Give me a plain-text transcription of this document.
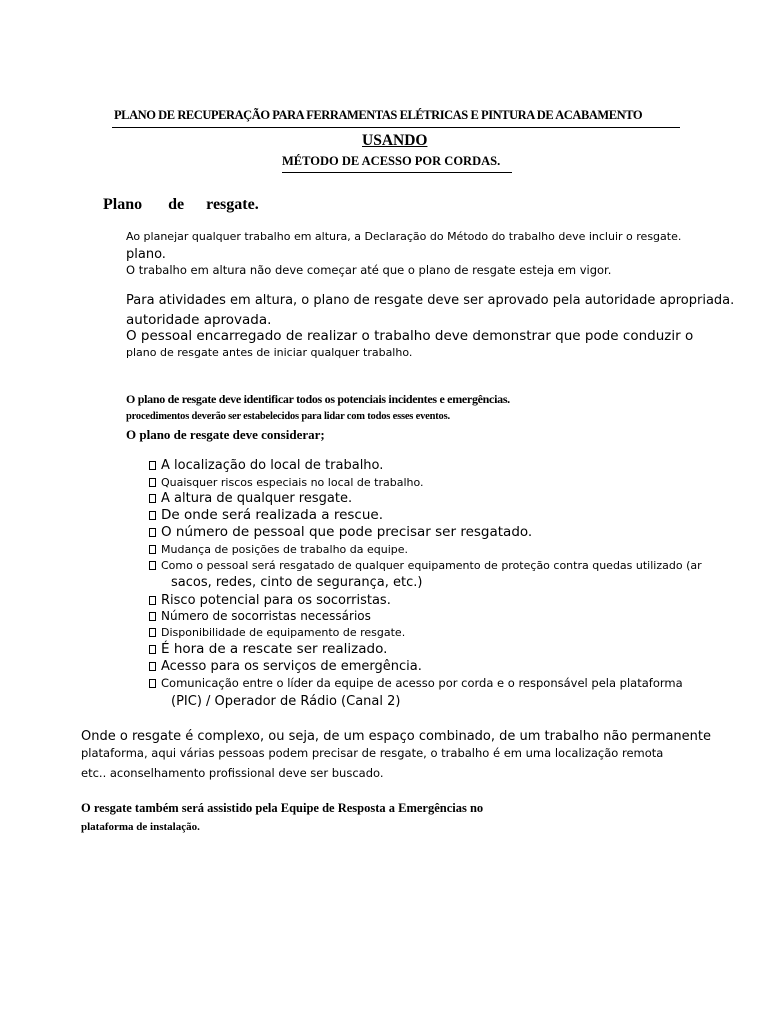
PLANO DE RECUPERAÇÃO PARA FERRAMENTAS ELÉTRICAS E PINTURA DE ACABAMENTO
USANDO
MÉTODO DE ACESSO POR CORDAS.
Plano de resgate.
Ao planejar qualquer trabalho em altura, a Declaração do Método do trabalho deve incluir o resgate.
plano.
O trabalho em altura não deve começar até que o plano de resgate esteja em vigor.
Para atividades em altura, o plano de resgate deve ser aprovado pela autoridade apropriada.
autoridade aprovada.
O pessoal encarregado de realizar o trabalho deve demonstrar que pode conduzir o
plano de resgate antes de iniciar qualquer trabalho.
O plano de resgate deve identificar todos os potenciais incidentes e emergências.
procedimentos deverão ser estabelecidos para lidar com todos esses eventos.
O plano de resgate deve considerar;
A localização do local de trabalho.
Quaisquer riscos especiais no local de trabalho.
A altura de qualquer resgate.
De onde será realizada a rescue.
O número de pessoal que pode precisar ser resgatado.
Mudança de posições de trabalho da equipe.
Como o pessoal será resgatado de qualquer equipamento de proteção contra quedas utilizado (ar
sacos, redes, cinto de segurança, etc.)
Risco potencial para os socorristas.
Número de socorristas necessários
Disponibilidade de equipamento de resgate.
É hora de a rescate ser realizado.
Acesso para os serviços de emergência.
Comunicação entre o líder da equipe de acesso por corda e o responsável pela plataforma
(PIC) / Operador de Rádio (Canal 2)
Onde o resgate é complexo, ou seja, de um espaço combinado, de um trabalho não permanente
plataforma, aqui várias pessoas podem precisar de resgate, o trabalho é em uma localização remota
etc.. aconselhamento profissional deve ser buscado.
O resgate também será assistido pela Equipe de Resposta a Emergências no
plataforma de instalação.
